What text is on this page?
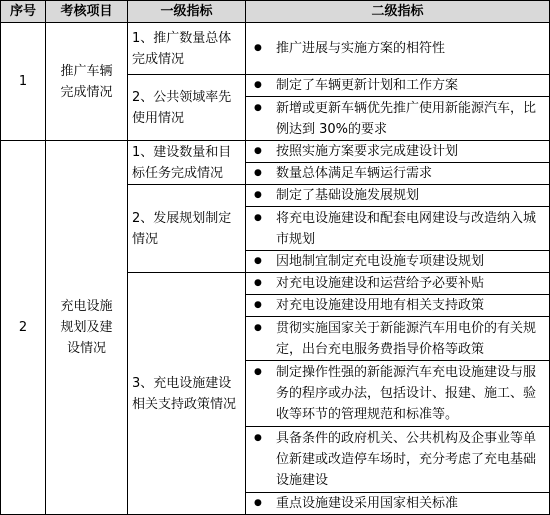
序号	考核项目	一级指标	二级指标
1	推广车辆完成情况	1、推广数量总体完成情况	● 推广进展与实施方案的相符性

		2、公共领域率先使用情况	● 制定了车辆更新计划和工作方案

			● 新增或更新车辆优先推广使用新能源汽车，比例达到 30%的要求

2	充电设施规划及建设情况	1、建设数量和目标任务完成情况	● 按照实施方案要求完成建设计划

			● 数量总体满足车辆运行需求

		2、发展规划制定情况	● 制定了基础设施发展规划

			● 将充电设施建设和配套电网建设与改造纳入城市规划

			● 因地制宜制定充电设施专项建设规划

		3、充电设施建设相关支持政策情况	● 对充电设施建设和运营给予必要补贴

			● 对充电设施建设用地有相关支持政策

			● 贯彻实施国家关于新能源汽车用电价的有关规定，出台充电服务费指导价格等政策

			● 制定操作性强的新能源汽车充电设施建设与服务的程序或办法，包括设计、报建、施工、验收等环节的管理规范和标准等。

			● 具备条件的政府机关、公共机构及企事业等单位新建或改造停车场时，充分考虑了充电基础设施建设

			● 重点设施建设采用国家相关标准
